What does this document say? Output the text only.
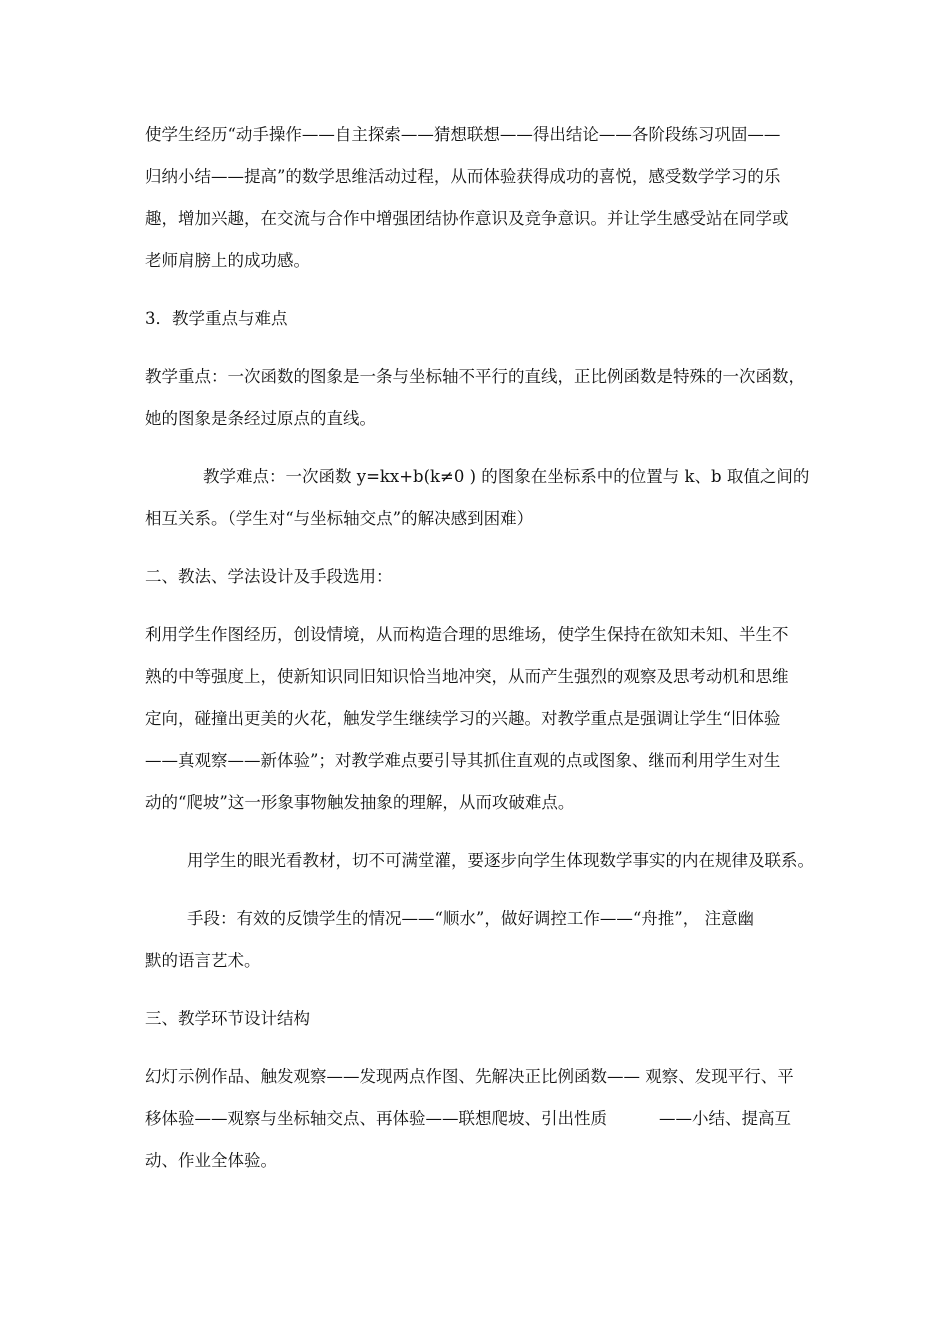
使学生经历“动手操作——自主探索——猜想联想——得出结论——各阶段练习巩固——
归纳小结——提高”的数学思维活动过程，从而体验获得成功的喜悦，感受数学学习的乐
趣，增加兴趣，在交流与合作中增强团结协作意识及竞争意识。并让学生感受站在同学或
老师肩膀上的成功感。
3．教学重点与难点
教学重点：一次函数的图象是一条与坐标轴不平行的直线，正比例函数是特殊的一次函数，
她的图象是条经过原点的直线。
教学难点：一次函数 y=kx+b(k≠0 ) 的图象在坐标系中的位置与 k、b 取值之间的
相互关系。（学生对“与坐标轴交点”的解决感到困难）
二、教法、学法设计及手段选用：
利用学生作图经历，创设情境，从而构造合理的思维场，使学生保持在欲知未知、半生不
熟的中等强度上，使新知识同旧知识恰当地冲突，从而产生强烈的观察及思考动机和思维
定向，碰撞出更美的火花，触发学生继续学习的兴趣。对教学重点是强调让学生“旧体验
——真观察——新体验”；对教学难点要引导其抓住直观的点或图象、继而利用学生对生
动的“爬坡”这一形象事物触发抽象的理解，从而攻破难点。
用学生的眼光看教材，切不可满堂灌，要逐步向学生体现数学事实的内在规律及联系。
手段：有效的反馈学生的情况——“顺水”，做好调控工作——“舟推”， 注意幽
默的语言艺术。
三、教学环节设计结构
幻灯示例作品、触发观察——发现两点作图、先解决正比例函数—— 观察、发现平行、平
移体验——观察与坐标轴交点、再体验——联想爬坡、引出性质	——小结、提高互
动、作业全体验。
